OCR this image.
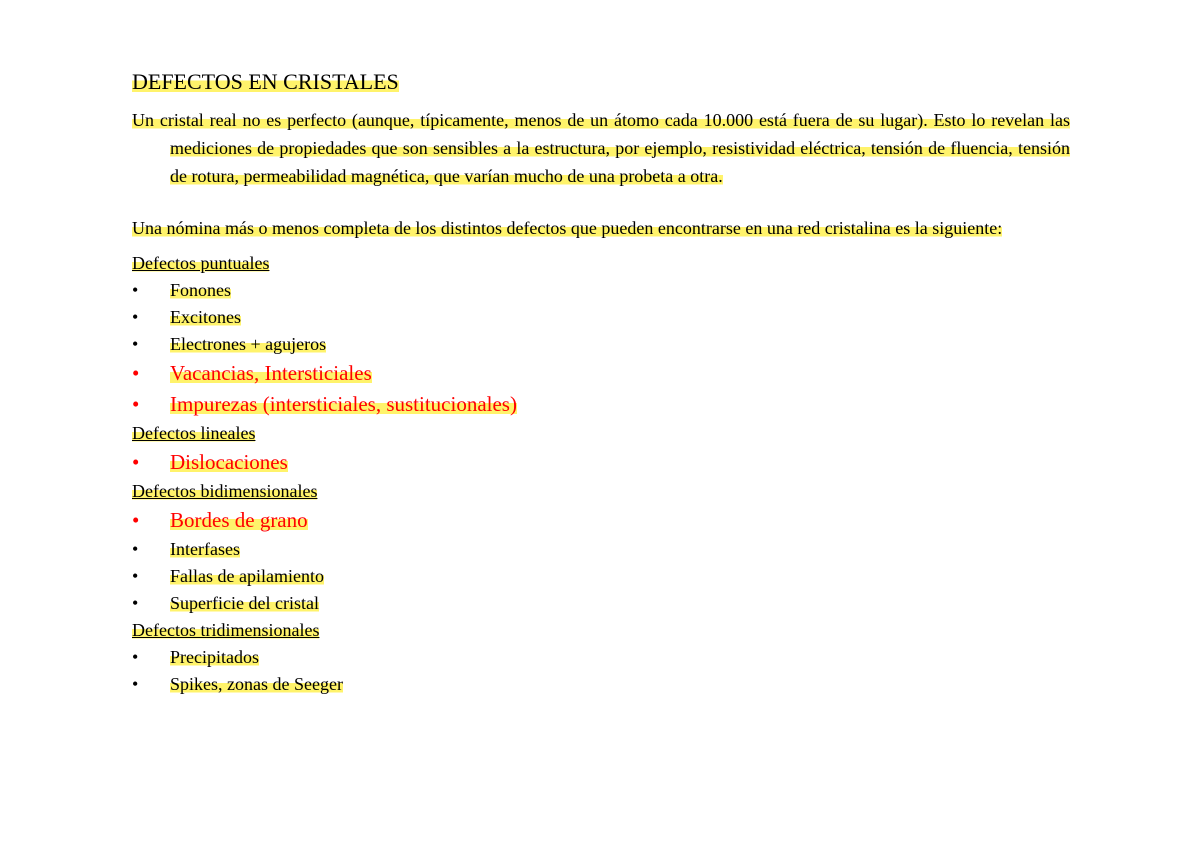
DEFECTOS EN CRISTALES

Un cristal real no es perfecto (aunque, típicamente, menos de un átomo cada 10.000 está fuera de su lugar). Esto lo revelan las mediciones de propiedades que son sensibles a la estructura, por ejemplo, resistividad eléctrica, tensión de fluencia, tensión de rotura, permeabilidad magnética, que varían mucho de una probeta a otra.

Una nómina más o menos completa de los distintos defectos que pueden encontrarse en una red cristalina es la siguiente:

Defectos puntuales
• Fonones
• Excitones
• Electrones + agujeros
• Vacancias, Intersticiales
• Impurezas (intersticiales, sustitucionales)
Defectos lineales
• Dislocaciones
Defectos bidimensionales
• Bordes de grano
• Interfases
• Fallas de apilamiento
• Superficie del cristal
Defectos tridimensionales
• Precipitados
• Spikes, zonas de Seeger
